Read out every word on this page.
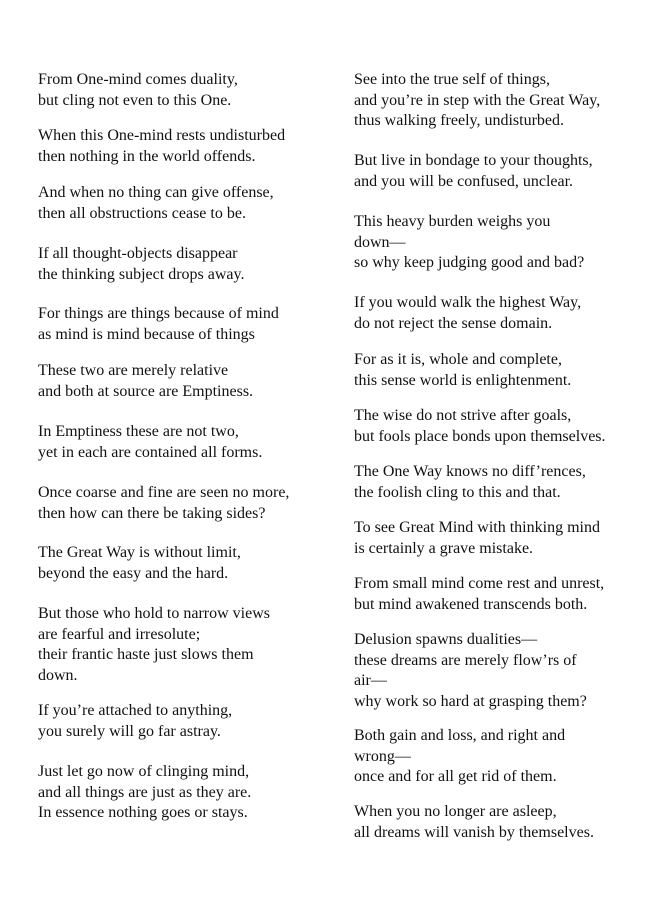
From One-mind comes duality,
but cling not even to this One.
When this One-mind rests undisturbed
then nothing in the world offends.
And when no thing can give offense,
then all obstructions cease to be.
If all thought-objects disappear
the thinking subject drops away.
For things are things because of mind
as mind is mind because of things
These two are merely relative
and both at source are Emptiness.
In Emptiness these are not two,
yet in each are contained all forms.
Once coarse and fine are seen no more,
then how can there be taking sides?
The Great Way is without limit,
beyond the easy and the hard.
But those who hold to narrow views
are fearful and irresolute;
their frantic haste just slows them
down.
If you’re attached to anything,
you surely will go far astray.
Just let go now of clinging mind,
and all things are just as they are.
In essence nothing goes or stays.
See into the true self of things,
and you’re in step with the Great Way,
thus walking freely, undisturbed.
But live in bondage to your thoughts,
and you will be confused, unclear.
This heavy burden weighs you
down—
so why keep judging good and bad?
If you would walk the highest Way,
do not reject the sense domain.
For as it is, whole and complete,
this sense world is enlightenment.
The wise do not strive after goals,
but fools place bonds upon themselves.
The One Way knows no diff’rences,
the foolish cling to this and that.
To see Great Mind with thinking mind
is certainly a grave mistake.
From small mind come rest and unrest,
but mind awakened transcends both.
Delusion spawns dualities—
these dreams are merely flow’rs of
air—
why work so hard at grasping them?
Both gain and loss, and right and
wrong—
once and for all get rid of them.
When you no longer are asleep,
all dreams will vanish by themselves.
